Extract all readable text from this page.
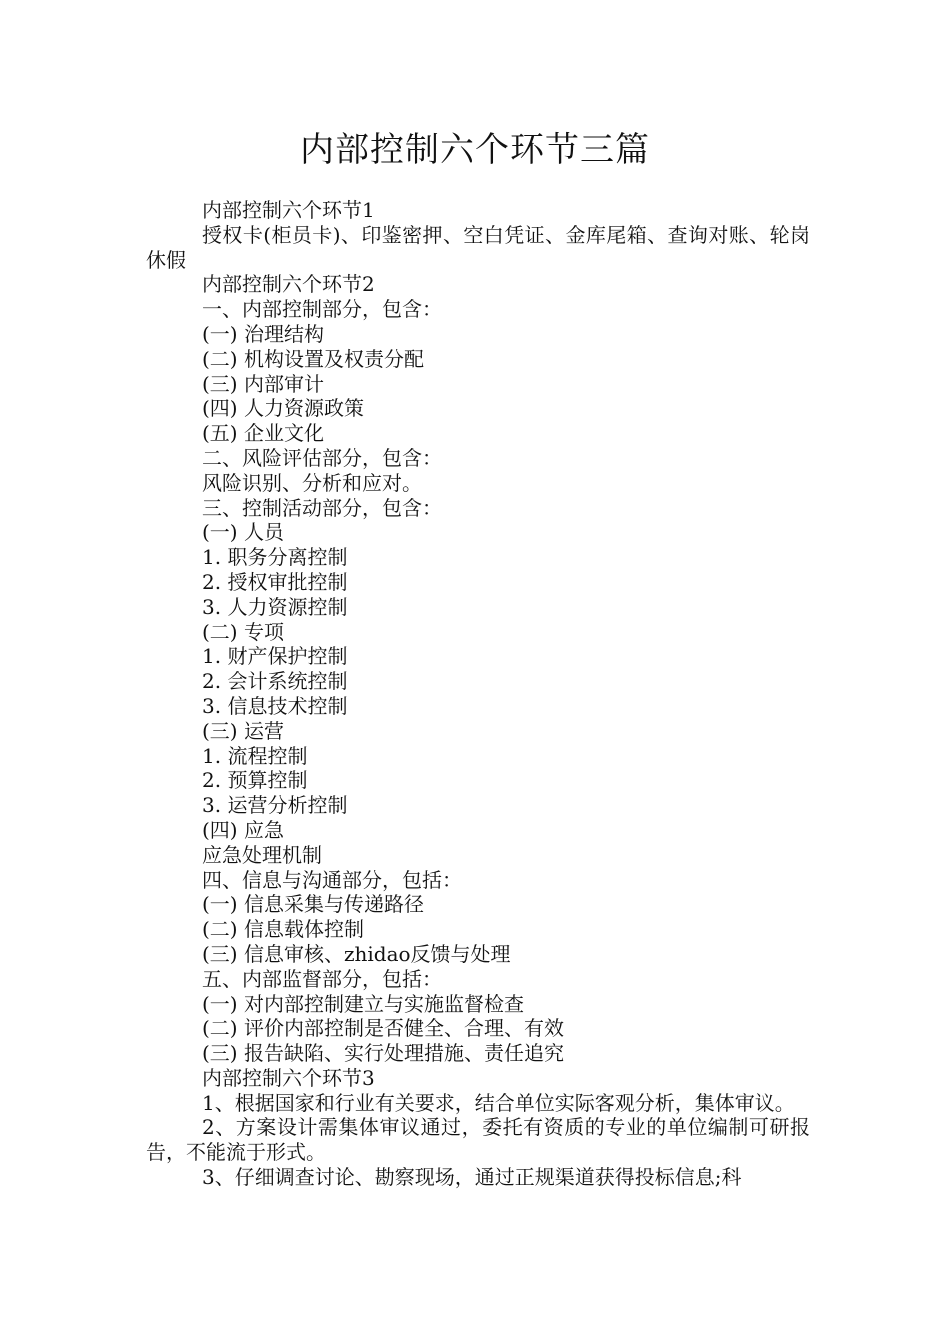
内部控制六个环节三篇
内部控制六个环节1

授权卡(柜员卡)、印鉴密押、空白凭证、金库尾箱、查询对账、轮岗休假

内部控制六个环节2
一、内部控制部分，包含：
(一) 治理结构
(二) 机构设置及权责分配
(三) 内部审计
(四) 人力资源政策
(五) 企业文化
二、风险评估部分，包含：
风险识别、分析和应对。
三、控制活动部分，包含：
(一) 人员
1. 职务分离控制
2. 授权审批控制
3. 人力资源控制
(二) 专项
1. 财产保护控制
2. 会计系统控制
3. 信息技术控制
(三) 运营
1. 流程控制
2. 预算控制
3. 运营分析控制
(四) 应急
应急处理机制
四、信息与沟通部分，包括：
(一) 信息采集与传递路径
(二) 信息载体控制
(三) 信息审核、zhidao反馈与处理
五、内部监督部分，包括：
(一) 对内部控制建立与实施监督检查
(二) 评价内部控制是否健全、合理、有效
(三) 报告缺陷、实行处理措施、责任追究
内部控制六个环节3

1、根据国家和行业有关要求，结合单位实际客观分析，集体审议。

2、方案设计需集体审议通过，委托有资质的专业的单位编制可研报告，不能流于形式。

3、仔细调查讨论、勘察现场，通过正规渠道获得投标信息;科
